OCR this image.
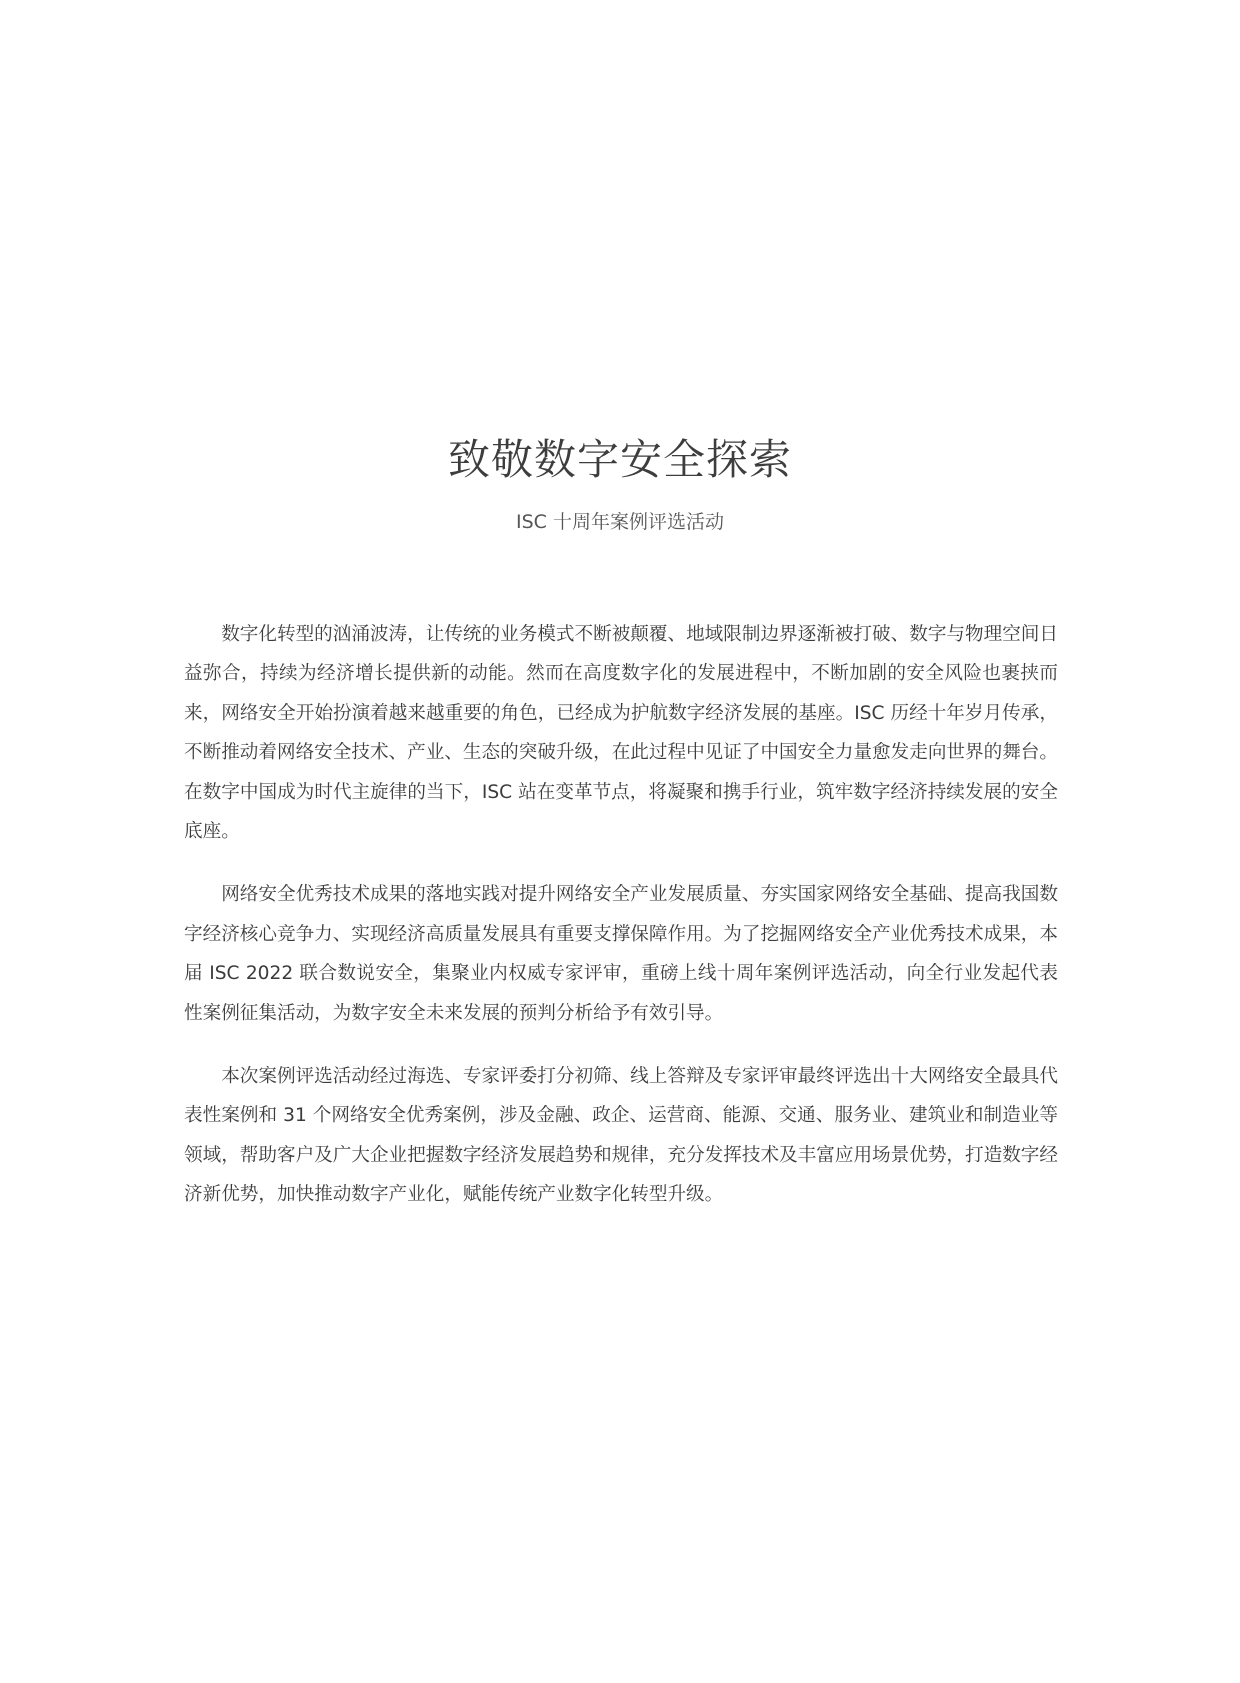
致敬数字安全探索

ISC 十周年案例评选活动

数字化转型的汹涌波涛，让传统的业务模式不断被颠覆、地域限制边界逐渐被打破、数字与物理空间日益弥合，持续为经济增长提供新的动能。然而在高度数字化的发展进程中，不断加剧的安全风险也裹挟而来，网络安全开始扮演着越来越重要的角色，已经成为护航数字经济发展的基座。ISC 历经十年岁月传承，不断推动着网络安全技术、产业、生态的突破升级，在此过程中见证了中国安全力量愈发走向世界的舞台。在数字中国成为时代主旋律的当下，ISC 站在变革节点，将凝聚和携手行业，筑牢数字经济持续发展的安全底座。

网络安全优秀技术成果的落地实践对提升网络安全产业发展质量、夯实国家网络安全基础、提高我国数字经济核心竞争力、实现经济高质量发展具有重要支撑保障作用。为了挖掘网络安全产业优秀技术成果，本届 ISC 2022 联合数说安全，集聚业内权威专家评审，重磅上线十周年案例评选活动，向全行业发起代表性案例征集活动，为数字安全未来发展的预判分析给予有效引导。

本次案例评选活动经过海选、专家评委打分初筛、线上答辩及专家评审最终评选出十大网络安全最具代表性案例和 31 个网络安全优秀案例，涉及金融、政企、运营商、能源、交通、服务业、建筑业和制造业等领域，帮助客户及广大企业把握数字经济发展趋势和规律，充分发挥技术及丰富应用场景优势，打造数字经济新优势，加快推动数字产业化，赋能传统产业数字化转型升级。
